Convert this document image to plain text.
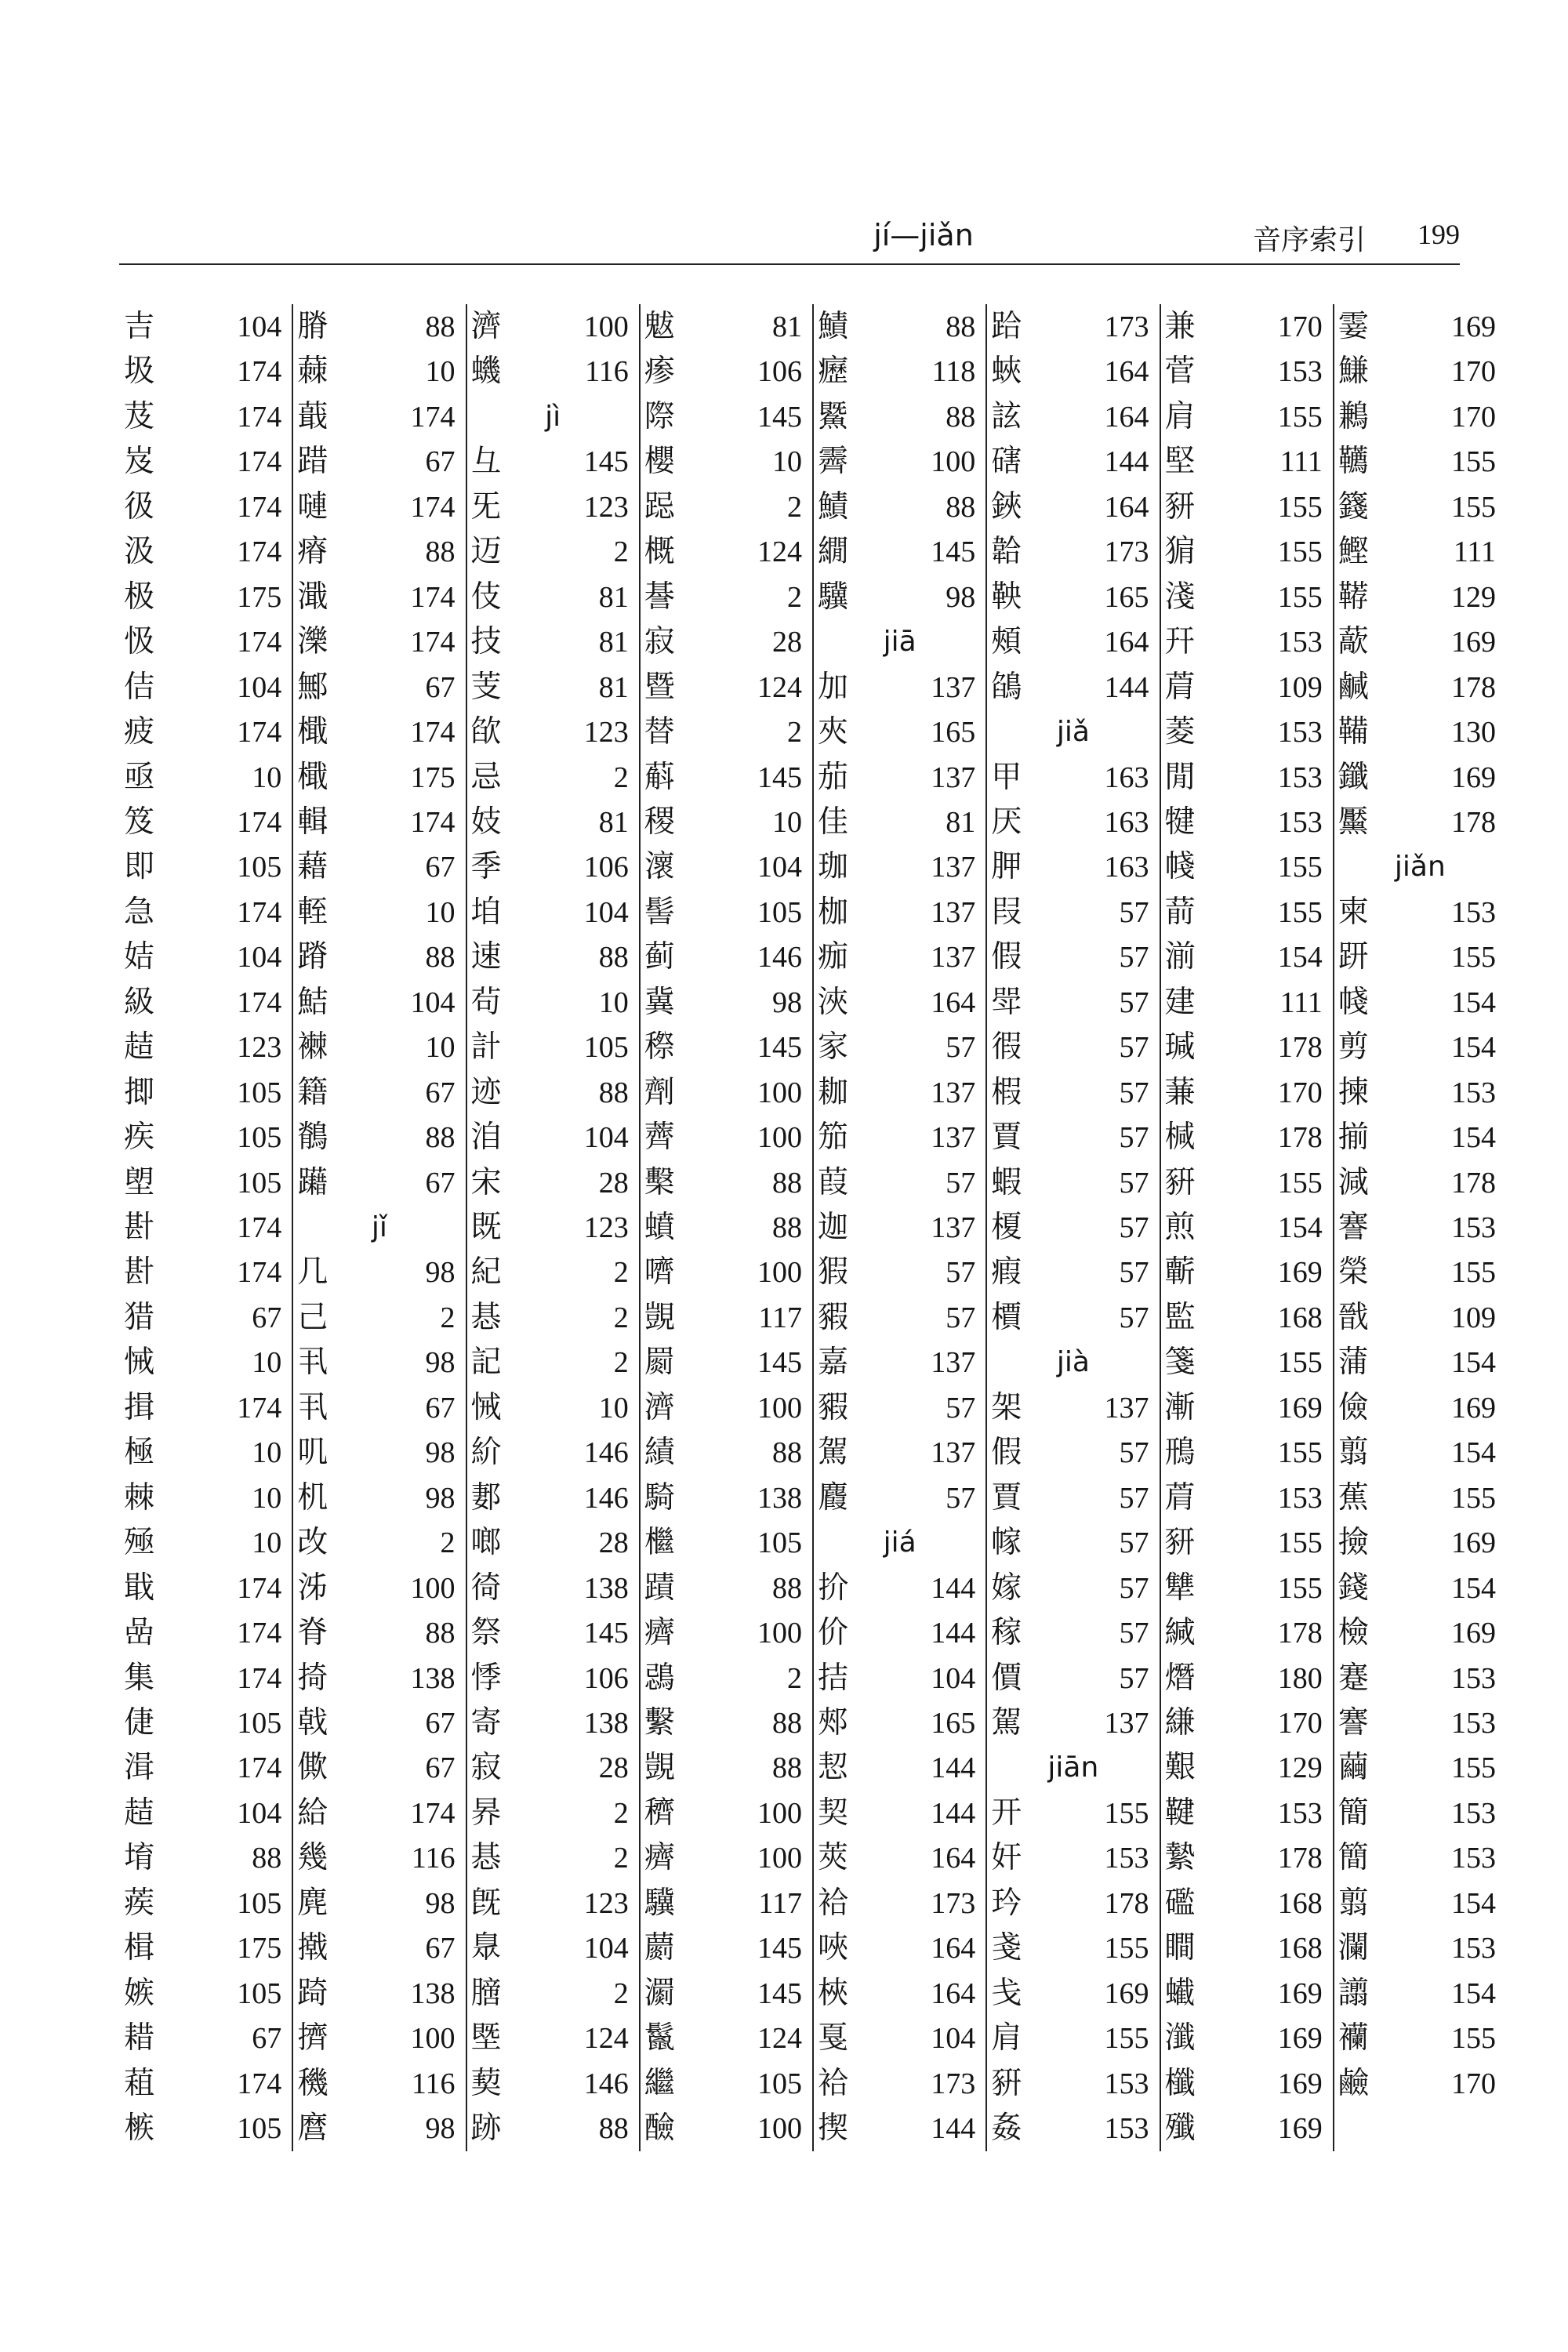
jí—jiǎn	音序索引 199
吉	104
圾	174
芨	174
岌	174
彶	174
汲	174
极	175
忣	174
佶	104
疲	174
亟	10
笈	174
即	105
急	174
姞	104
級	174
趌	123
揤	105
疾	105
塱	105
卙	174
卙	174
猎	67
悈	10
揖	174
極	10
棘	10
殛	10
戢	174
嵒	174
集	174
倢	105
湒	174
趌	104
堉	88
蒺	105
楫	175
嫉	105
耤	67
蒩	174
槉	105
膌	88
蕀	10
蕺	174
踖	67
嗹	174
瘠	88
濈	174
濼	174
鄦	67
檝	174
檝	175
輯	174
藉	67
輊	10
蹐	88
鮚	104
襋	10
籍	67
鶺	88
躤	67
jǐ
几	98
己	2
丮	98
丮	67
叽	98
机	98
改	2
泲	100
脊	88
掎	138
戟	67
僛	67
給	174
幾	116
麂	98
撠	67
踦	138
擠	100
穖	116
麿	98
濟	100
蟣	116
jì
彑	145
旡	123
迈	2
伎	81
技	81
芰	81
欿	123
忌	2
妓	81
季	106
垍	104
速	88
茍	10
計	105
迹	88
洎	104
宋	28
既	123
紀	2
惎	2
記	2
悈	10
紒	146
郪	146
啷	28
徛	138
祭	145
悸	106
寄	138
寂	28
昦	2
惎	2
旣	123
臮	104
膪	2
塈	124
葜	146
跡	88
魃	81
瘆	106
際	145
櫻	10
跽	2
概	124
諅	2
寂	28
暨	124
替	2
蔛	145
稷	10
瀤	104
髻	105
蓟	146
冀	98
穄	145
劑	100
薺	100
檕	88
蟦	88
嚌	100
覬	117
罽	145
濟	100
績	88
騎	138
檵	105
蹟	88
癠	100
鵋	2
繫	88
覬	88
穧	100
癠	100
驥	117
蘮	145
瀱	145
鬣	124
繼	105
醶	100
鰿	88
癧	118
鱀	88
霽	100
鰿	88
繝	145
驥	98
jiā
加	137
夾	165
茄	137
佳	81
珈	137
枷	137
痂	137
浹	164
家	57
耞	137
笳	137
葭	57
迦	137
猳	57
豭	57
嘉	137
豭	57
駕	137
麚	57
jiá
扴	144
价	144
拮	104
郟	165
恝	144
契	144
莢	164
袷	173
唊	164
梜	164
戛	104
袷	173
揳	144
跲	173
蛺	164
詃	164
磍	144
鋏	164
韐	173
鞅	165
頰	164
鵮	144
jiǎ
甲	163
厌	163
胛	163
叚	57
假	57
斝	57
徦	57
椵	57
賈	57
蝦	57
榎	57
瘕	57
檟	57
jià
架	137
假	57
賈	57
幏	57
嫁	57
稼	57
價	57
駕	137
jiān
开	155
奸	153
玪	178
戔	155
戋	169
肩	155
豣	153
姦	153
兼	170
菅	153
肩	155
堅	111
豜	155
猏	155
淺	155
幵	153
菺	109
菱	153
閒	153
犍	153
帴	155
葥	155
湔	154
建	111
瑊	178
蒹	170
椷	178
豣	155
煎	154
蘄	169
監	168
箋	155
漸	169
鳽	155
菺	153
豜	155
犨	155
緘	178
熸	180
縑	170
艱	129
鞬	153
縶	178
礛	168
瞷	168
蠘	169
瀸	169
櫼	169
殲	169
霎	169
鰜	170
鶼	170
韉	155
籛	155
鰹	111
鞯	129
藃	169
鹹	178
鞴	130
鑯	169
黶	178
jiǎn
柬	153
趼	155
帴	154
剪	154
揀	153
揃	154
減	178
謇	153
榮	155
戩	109
蒲	154
儉	169
翦	154
蕉	155
撿	169
錢	154
檢	169
蹇	153
謇	153
繭	155
簡	153
簡	153
翦	154
瀾	153
譾	154
襽	155
鹼	170
